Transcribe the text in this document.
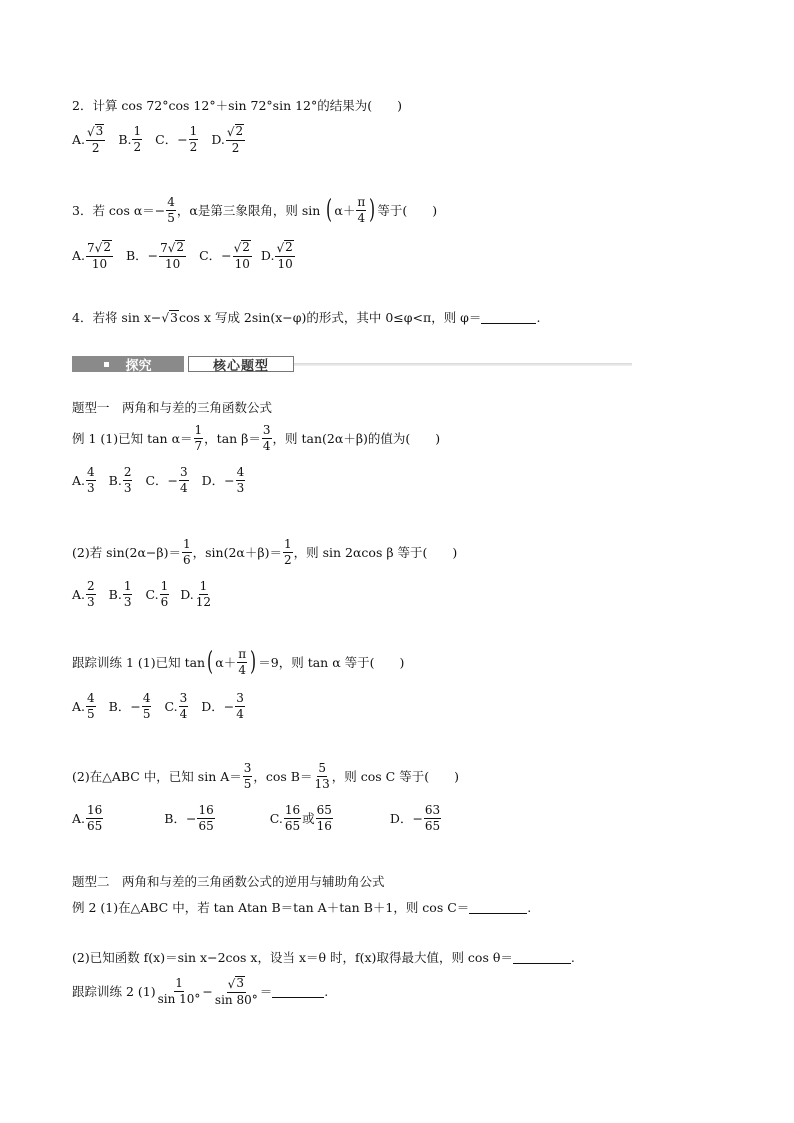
2．计算 cos 72°cos 12°＋sin 72°sin 12°的结果为(　　)
A. $\frac{√ 3}{2} B$. $\frac{1}{2}$ C．− $\frac{1}{2} D$. $\frac{√ 2}{2}$
3．若 $\cos \alpha=- \frac{4}{5}$ ，α是第三象限角，则 sin ( $\alpha+ \frac{\pi}{4}$ ) 等于(　　)
A. $\frac{7 √ 2}{10}$ B．− $\frac{7 √ 2}{10}$ C．− $\frac{√ 2}{10} D$. $\frac{√ 2}{10}$
4．若将 sin x− √ 3 cos x 写成 2sin(x−φ)的形式，其中 0≤φ<π，则 φ＝	.
探究	核心题型
题型一　两角和与差的三角函数公式
例 1 (1)已知 $\tan \alpha= \frac{1}{7}$ ，$\tan \beta= \frac{3}{4}$ ，则 tan(2α＋β)的值为(　　)
A. $\frac{4}{3} B$. $\frac{2}{3}$ C．− $\frac{3}{4}$ D．− $\frac{4}{3}$
(2)若 $\sin(2\alpha-\beta)= \frac{1}{6}$ ，$\sin(2\alpha+\beta)= \frac{1}{2}$ ，则 sin 2αcos β 等于(　　)
A. $\frac{2}{3} B$. $\frac{1}{3} C$. $\frac{1}{6} D$. $\frac{1}{12}$
跟踪训练 1 (1)已知 tan ( $\alpha+ \frac{\pi}{4}$ ) ＝9，则 tan α 等于(　　)
A. $\frac{4}{5}$ B．− $\frac{4}{5} C$. $\frac{3}{4}$ D．− $\frac{3}{4}$
(2)在△ABC 中，已知 $\sin A= \frac{3}{5}$ ，$\cos B= \frac{5}{13}$ ，则 cos C 等于(　　)
A. $\frac{16}{65}$	B．− $\frac{16}{65}$	C. $\frac{16}{65}$ 或 $\frac{65}{16}$	D．− $\frac{63}{65}$
题型二　两角和与差的三角函数公式的逆用与辅助角公式
例 2 (1)在△ABC 中，若 tan Atan B＝tan A＋tan B＋1，则 cos C＝	.
(2)已知函数 f(x)＝sin x−2cos x，设当 x＝θ 时，f(x)取得最大值，则 cos θ＝	.
跟踪训练 2 $(1) \frac{1}{\sin 10^\circ} - \frac{√ 3}{\sin 80^\circ}$ ＝	.
